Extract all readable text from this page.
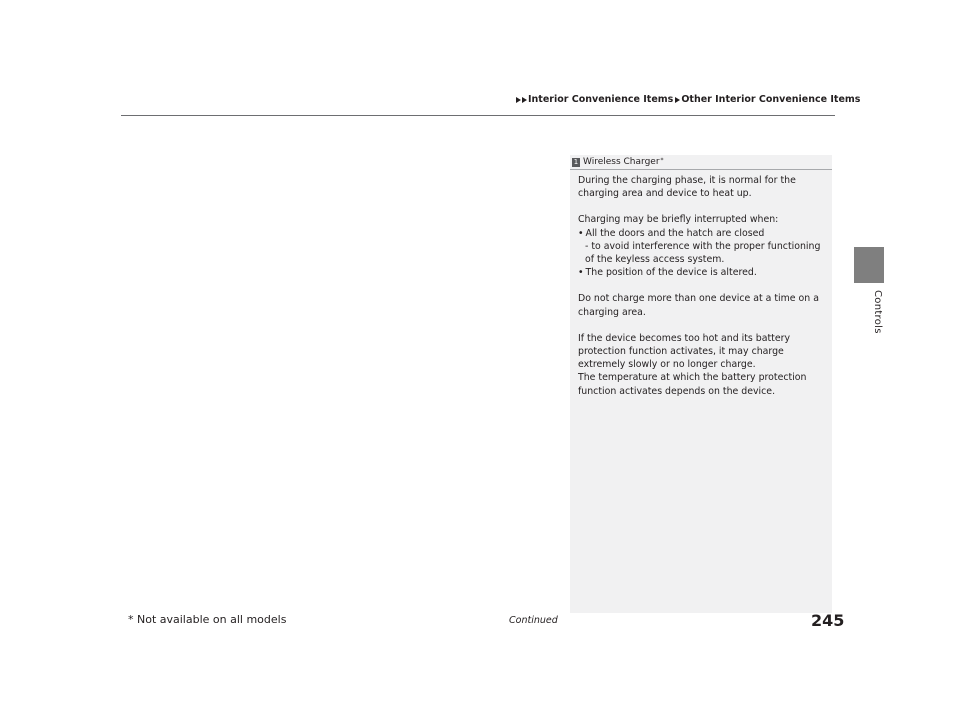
Interior Convenience Items Other Interior Convenience Items
Controls
1 Wireless Charger *

During the charging phase, it is normal for the charging area and device to heat up.

Charging may be briefly interrupted when:
• All the doors and the hatch are closed
- to avoid interference with the proper functioning of the keyless access system.

• The position of the device is altered.

Do not charge more than one device at a time on a charging area.

If the device becomes too hot and its battery protection function activates, it may charge extremely slowly or no longer charge.
The temperature at which the battery protection function activates depends on the device.
* Not available on all models	Continued	245
